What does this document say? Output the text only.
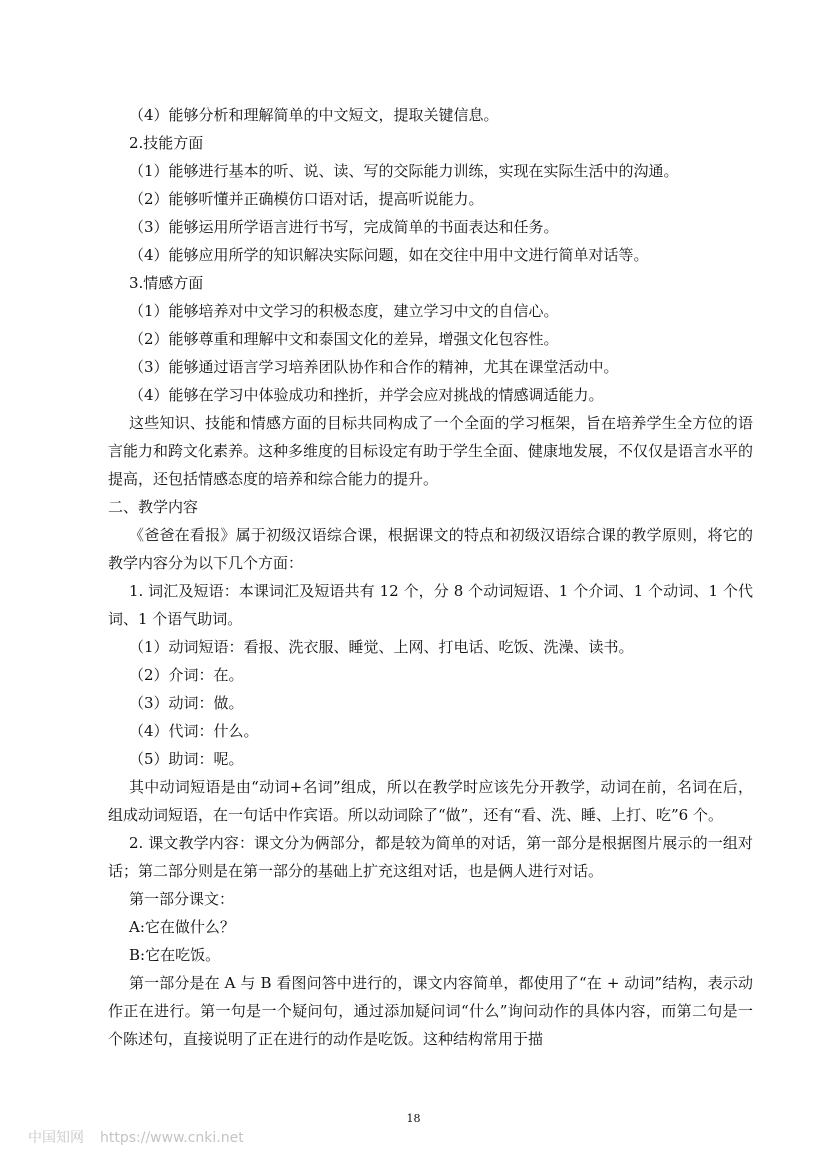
（4）能够分析和理解简单的中文短文，提取关键信息。
2.技能方面
（1）能够进行基本的听、说、读、写的交际能力训练，实现在实际生活中的沟通。
（2）能够听懂并正确模仿口语对话，提高听说能力。
（3）能够运用所学语言进行书写，完成简单的书面表达和任务。
（4）能够应用所学的知识解决实际问题，如在交往中用中文进行简单对话等。
3.情感方面
（1）能够培养对中文学习的积极态度，建立学习中文的自信心。
（2）能够尊重和理解中文和泰国文化的差异，增强文化包容性。
（3）能够通过语言学习培养团队协作和合作的精神，尤其在课堂活动中。
（4）能够在学习中体验成功和挫折，并学会应对挑战的情感调适能力。
这些知识、技能和情感方面的目标共同构成了一个全面的学习框架，旨在培养学生全方位的语言能力和跨文化素养。这种多维度的目标设定有助于学生全面、健康地发展，不仅仅是语言水平的提高，还包括情感态度的培养和综合能力的提升。
二、教学内容
《爸爸在看报》属于初级汉语综合课，根据课文的特点和初级汉语综合课的教学原则，将它的教学内容分为以下几个方面：
1. 词汇及短语：本课词汇及短语共有 12 个，分 8 个动词短语、1 个介词、1 个动词、1 个代词、1 个语气助词。
（1）动词短语：看报、洗衣服、睡觉、上网、打电话、吃饭、洗澡、读书。
（2）介词：在。
（3）动词：做。
（4）代词：什么。
（5）助词：呢。
其中动词短语是由“动词+名词”组成，所以在教学时应该先分开教学，动词在前，名词在后，组成动词短语，在一句话中作宾语。所以动词除了“做”，还有“看、洗、睡、上打、吃”6 个。
2. 课文教学内容：课文分为俩部分，都是较为简单的对话，第一部分是根据图片展示的一组对话；第二部分则是在第一部分的基础上扩充这组对话，也是俩人进行对话。
第一部分课文：
A:它在做什么？
B:它在吃饭。
第一部分是在 A 与 B 看图问答中进行的，课文内容简单，都使用了“在 + 动词”结构，表示动作正在进行。第一句是一个疑问句，通过添加疑问词“什么”询问动作的具体内容，而第二句是一个陈述句，直接说明了正在进行的动作是吃饭。这种结构常用于描
18
中国知网 https://www.cnki.net
